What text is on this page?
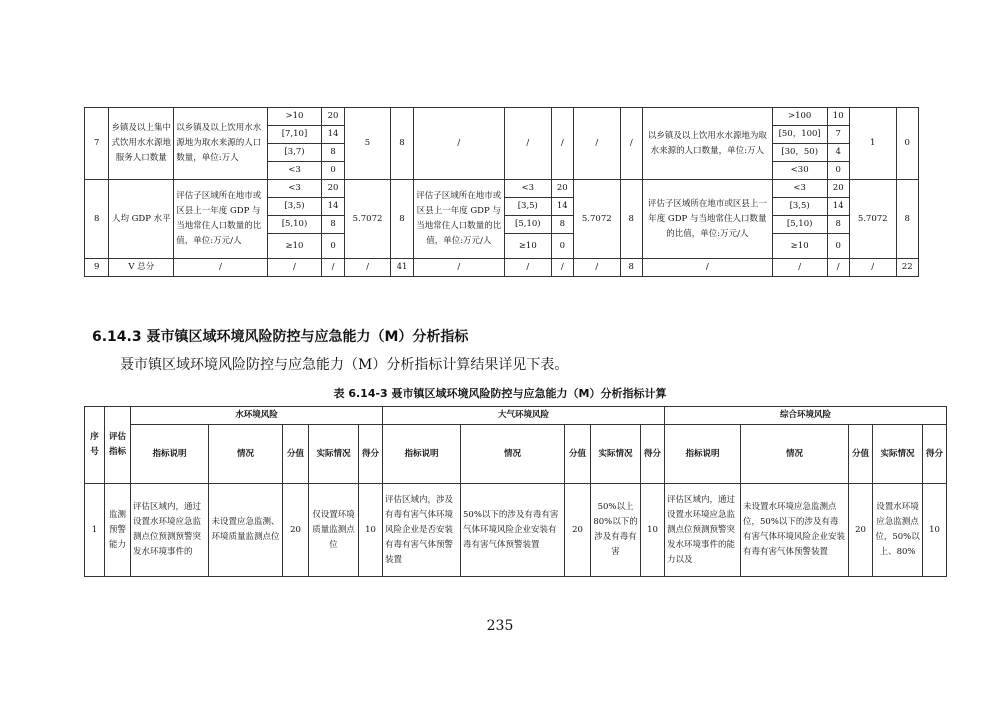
7	乡镇及以上集中式饮用水水源地服务人口数量	以乡镇及以上饮用水水源地为取水来源的人口数量，单位:万人	>10	20	5	8	/	/	/	/	/	以乡镇及以上饮用水水源地为取水来源的人口数量，单位:万人	>100	10	1	0
			[7,10]	14									[50，100]	7		
			[3,7)	8									[30，50)	4		
			<3	0									<30	0		
8	人均 GDP 水平	评估子区域所在地市或区县上一年度 GDP 与当地常住人口数量的比值，单位:万元/人	<3	20	5.7072	8	评估子区域所在地市或区县上一年度 GDP 与当地常住人口数量的比值，单位:万元/人	<3	20	5.7072	8	评估子区域所在地市或区县上一年度 GDP 与当地常住人口数量的比值，单位:万元/人	<3	20	5.7072	8
			[3,5)	14				[3,5)	14				[3,5)	14		
			[5,10)	8				[5,10)	8				[5,10)	8		
			≥10	0				≥10	0				≥10	0		
9	V 总分	/	/	/	/	41	/	/	/	/	8	/	/	/	/	22
6.14.3 聂市镇区域环境风险防控与应急能力（M）分析指标
聂市镇区域环境风险防控与应急能力（M）分析指标计算结果详见下表。
表 6.14-3 聂市镇区域环境风险防控与应急能力（M）分析指标计算
序号	评估指标	水环境风险					大气环境风险					综合环境风险				
		指标说明	情况	分值	实际情况	得分	指标说明	情况	分值	实际情况	得分	指标说明	情况	分值	实际情况	得分
1	监测预警能力	评估区域内，通过设置水环境应急监测点位预测预警突发水环境事件的	未设置应急监测、环境质量监测点位	20	仅设置环境质量监测点位	10	评估区域内，涉及有毒有害气体环境风险企业是否安装有毒有害气体预警装置	50%以下的涉及有毒有害气体环境风险企业安装有毒有害气体预警装置	20	50%以上 80%以下的涉及有毒有害	10	评估区域内，通过设置水环境应急监测点位预测预警突发水环境事件的能力以及	未设置水环境应急监测点位，50%以下的涉及有毒有害气体环境风险企业安装有毒有害气体预警装置	20	设置水环境应急监测点位，50%以上、80%	10
235
